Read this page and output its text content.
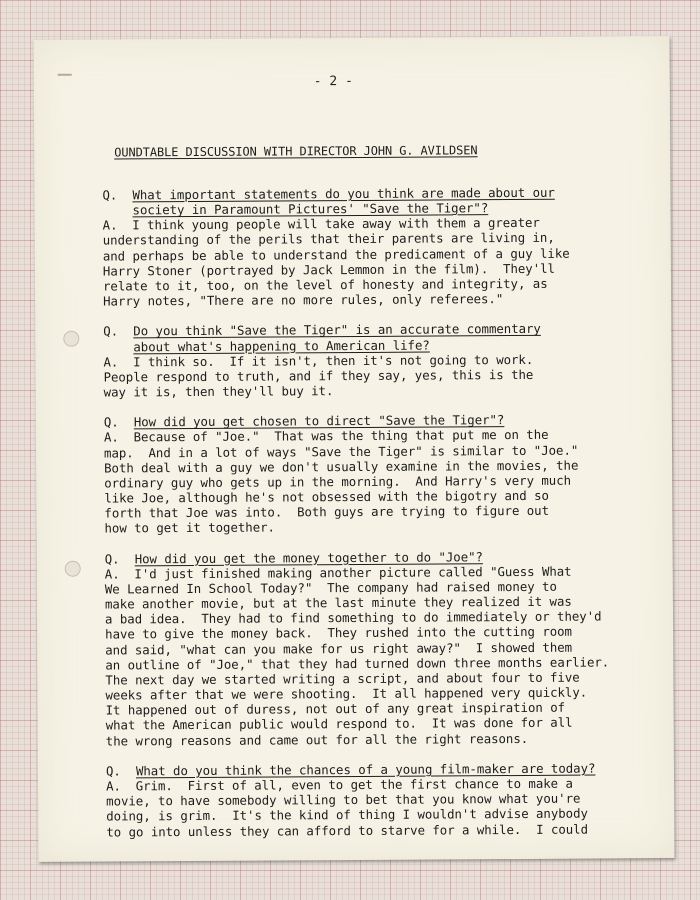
- 2 -
OUNDTABLE DISCUSSION WITH DIRECTOR JOHN G. AVILDSEN
Q.	What important statements do you think are made about our
society in Paramount Pictures' "Save the Tiger"?
A.  I think young people will take away with them a greater
understanding of the perils that their parents are living in,
and perhaps be able to understand the predicament of a guy like
Harry Stoner (portrayed by Jack Lemmon in the film).  They'll
relate to it, too, on the level of honesty and integrity, as
Harry notes, "There are no more rules, only referees."
Q.	Do you think "Save the Tiger" is an accurate commentary
about what's happening to American life?
A.  I think so.  If it isn't, then it's not going to work.
People respond to truth, and if they say, yes, this is the
way it is, then they'll buy it.
Q.	How did you get chosen to direct "Save the Tiger"?
A.  Because of "Joe."  That was the thing that put me on the
map.  And in a lot of ways "Save the Tiger" is similar to "Joe."
Both deal with a guy we don't usually examine in the movies, the
ordinary guy who gets up in the morning.  And Harry's very much
like Joe, although he's not obsessed with the bigotry and so
forth that Joe was into.  Both guys are trying to figure out
how to get it together.
Q.	How did you get the money together to do "Joe"?
A.  I'd just finished making another picture called "Guess What
We Learned In School Today?"  The company had raised money to
make another movie, but at the last minute they realized it was
a bad idea.  They had to find something to do immediately or they'd
have to give the money back.  They rushed into the cutting room
and said, "what can you make for us right away?"  I showed them
an outline of "Joe," that they had turned down three months earlier.
The next day we started writing a script, and about four to five
weeks after that we were shooting.  It all happened very quickly.
It happened out of duress, not out of any great inspiration of
what the American public would respond to.  It was done for all
the wrong reasons and came out for all the right reasons.
Q.	What do you think the chances of a young film-maker are today?
A.  Grim.  First of all, even to get the first chance to make a
movie, to have somebody willing to bet that you know what you're
doing, is grim.  It's the kind of thing I wouldn't advise anybody
to go into unless they can afford to starve for a while.  I could
